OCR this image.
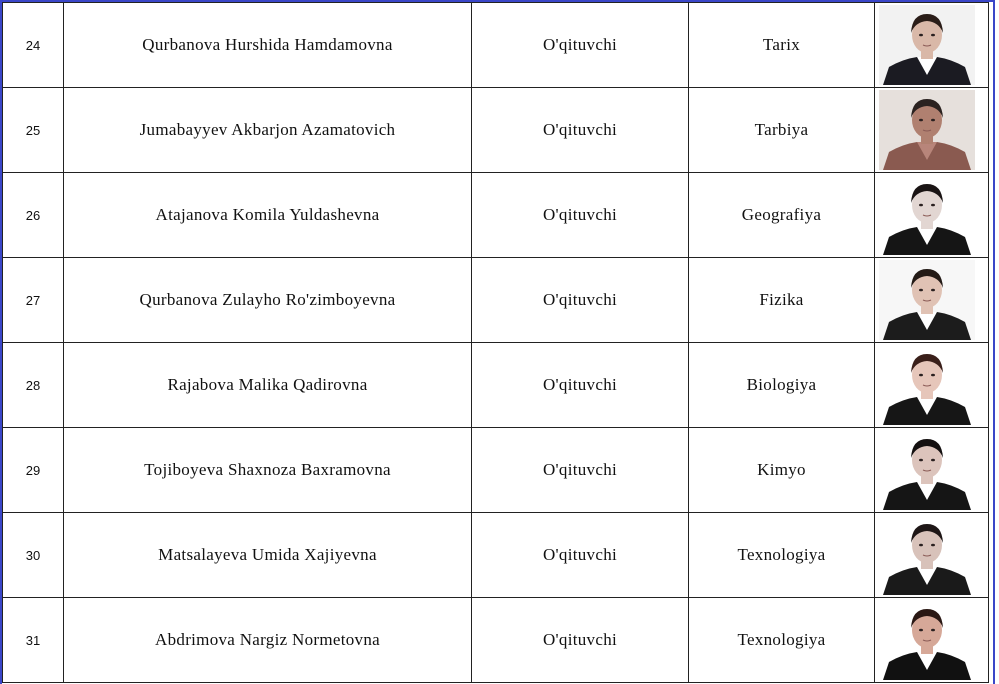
24	Qurbanova Hurshida Hamdamovna	O'qituvchi	Tarix	

25	Jumabayyev Akbarjon Azamatovich	O'qituvchi	Tarbiya	

26	Atajanova Komila Yuldashevna	O'qituvchi	Geografiya	

27	Qurbanova Zulayho Ro'zimboyevna	O'qituvchi	Fizika	

28	Rajabova Malika Qadirovna	O'qituvchi	Biologiya	

29	Tojiboyeva Shaxnoza Baxramovna	O'qituvchi	Kimyo	

30	Matsalayeva Umida Xajiyevna	O'qituvchi	Texnologiya	

31	Abdrimova Nargiz Normetovna	O'qituvchi	Texnologiya	
